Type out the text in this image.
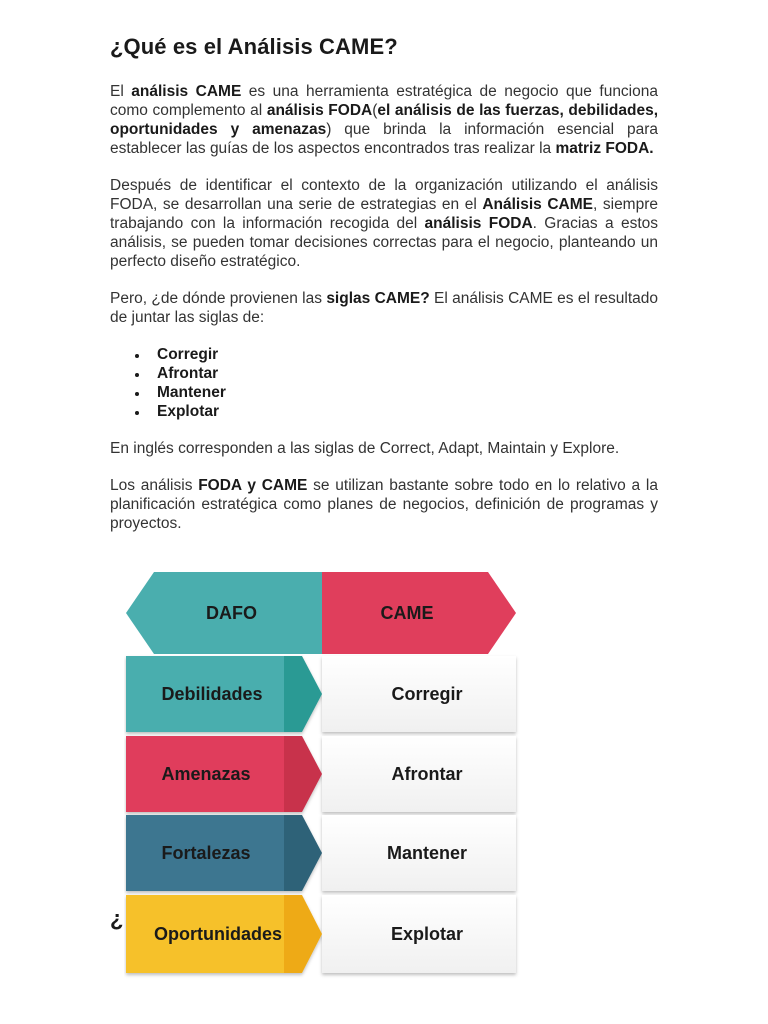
¿Qué es el Análisis CAME?

El análisis CAME es una herramienta estratégica de negocio que funciona como complemento al análisis FODA(el análisis de las fuerzas, debilidades, oportunidades y amenazas) que brinda la información esencial para establecer las guías de los aspectos encontrados tras realizar la matriz FODA.

Después de identificar el contexto de la organización utilizando el análisis FODA, se desarrollan una serie de estrategias en el Análisis CAME, siempre trabajando con la información recogida del análisis FODA. Gracias a estos análisis, se pueden tomar decisiones correctas para el negocio, planteando un perfecto diseño estratégico.

Pero, ¿de dónde provienen las siglas CAME? El análisis CAME es el resultado de juntar las siglas de:

Corregir
Afrontar
Mantener
Explotar

En inglés corresponden a las siglas de Correct, Adapt, Maintain y Explore.

Los análisis FODA y CAME se utilizan bastante sobre todo en lo relativo a la planificación estratégica como planes de negocios, definición de programas y proyectos.

¿
DAFO	CAME
Debilidades	Corregir
Amenazas	Afrontar
Fortalezas	Mantener
Oportunidades	Explotar
